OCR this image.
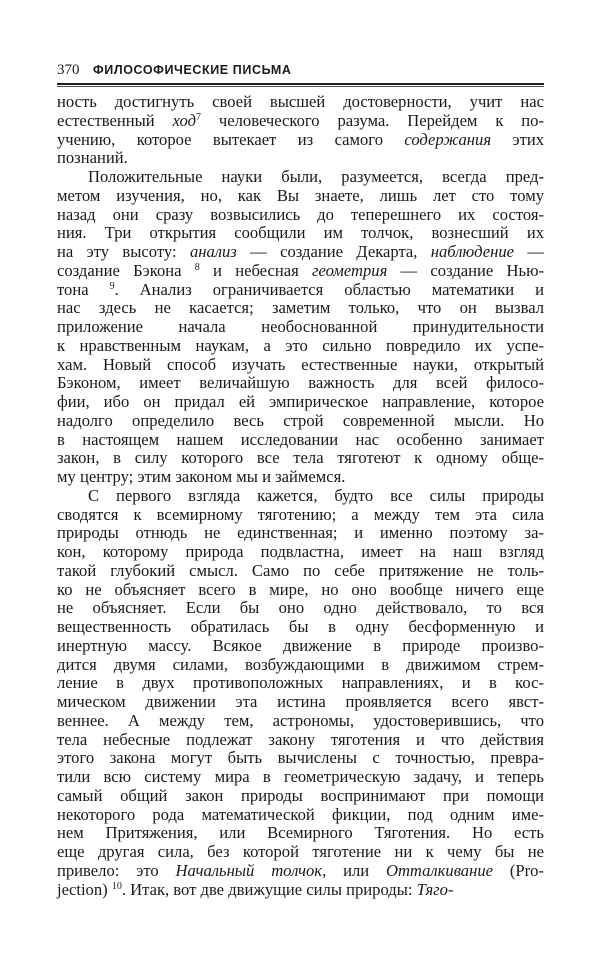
370 ФИЛОСОФИЧЕСКИЕ ПИСЬМА
ность достигнуть своей высшей достоверности, учит нас
естественный ход$^7$ человеческого разума. Перейдем к по-
учению, которое вытекает из самого содержания этих
познаний.
Положительные науки были, разумеется, всегда пред-
метом изучения, но, как Вы знаете, лишь лет сто тому
назад они сразу возвысились до теперешнего их состоя-
ния. Три открытия сообщили им толчок, вознесший их
на эту высоту: анализ — создание Декарта, наблюдение —
создание Бэкона $^8$ и небесная геометрия — создание Нью-
тона $^9$. Анализ ограничивается областью математики и
нас здесь не касается; заметим только, что он вызвал
приложение начала необоснованной принудительности
к нравственным наукам, а это сильно повредило их успе-
хам. Новый способ изучать естественные науки, открытый
Бэконом, имеет величайшую важность для всей филосо-
фии, ибо он придал ей эмпирическое направление, которое
надолго определило весь строй современной мысли. Но
в настоящем нашем исследовании нас особенно занимает
закон, в силу которого все тела тяготеют к одному обще-
му центру; этим законом мы и займемся.
С первого взгляда кажется, будто все силы природы
сводятся к всемирному тяготению; а между тем эта сила
природы отнюдь не единственная; и именно поэтому за-
кон, которому природа подвластна, имеет на наш взгляд
такой глубокий смысл. Само по себе притяжение не толь-
ко не объясняет всего в мире, но оно вообще ничего еще
не объясняет. Если бы оно одно действовало, то вся
вещественность обратилась бы в одну бесформенную и
инертную массу. Всякое движение в природе произво-
дится двумя силами, возбуждающими в движимом стрем-
ление в двух противоположных направлениях, и в кос-
мическом движении эта истина проявляется всего явст-
веннее. А между тем, астрономы, удостоверившись, что
тела небесные подлежат закону тяготения и что действия
этого закона могут быть вычислены с точностью, превра-
тили всю систему мира в геометрическую задачу, и теперь
самый общий закон природы воспринимают при помощи
некоторого рода математической фикции, под одним име-
нем Притяжения, или Всемирного Тяготения. Но есть
еще другая сила, без которой тяготение ни к чему бы не
привело: это Начальный толчок, или Отталкивание (Pro-
jection) $^{10}$. Итак, вот две движущие силы природы: Тяго-
